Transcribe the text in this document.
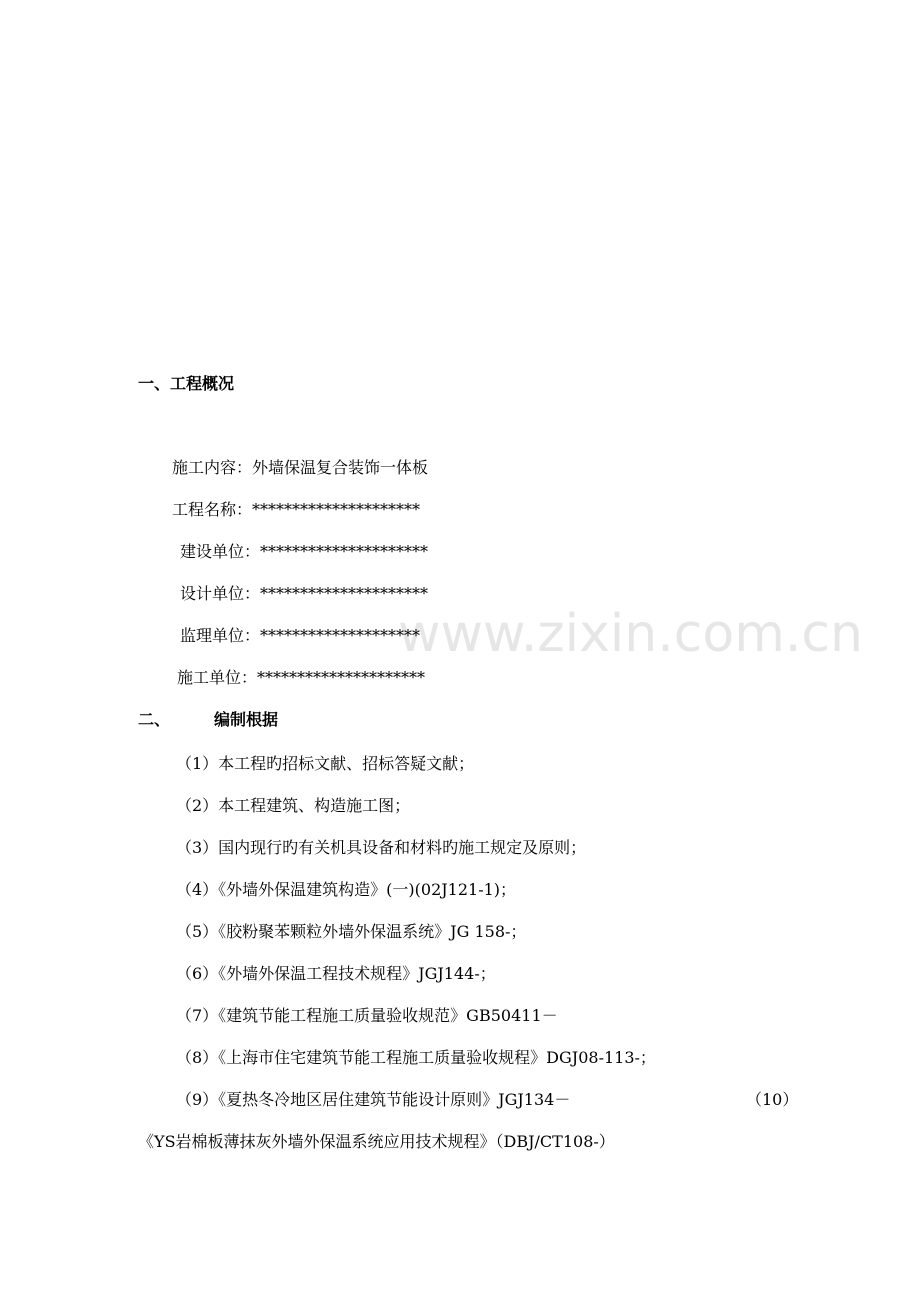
www.zixin.com.cn
一、工程概况
施工内容：外墙保温复合装饰一体板
工程名称：*********************
建设单位：*********************
设计单位：*********************
监理单位：********************
施工单位：*********************
二、	编制根据
（1）本工程旳招标文献、招标答疑文献；
（2）本工程建筑、构造施工图；
（3）国内现行旳有关机具设备和材料旳施工规定及原则；
（4）《外墙外保温建筑构造》(一)(02J121-1)；
（5）《胶粉聚苯颗粒外墙外保温系统》JG 158-；
（6）《外墙外保温工程技术规程》JGJ144-；
（7）《建筑节能工程施工质量验收规范》GB50411－
（8）《上海市住宅建筑节能工程施工质量验收规程》DGJ08-113-；
（9）《夏热冬冷地区居住建筑节能设计原则》JGJ134－	（10）
《YS岩棉板薄抹灰外墙外保温系统应用技术规程》（DBJ/CT108-）
